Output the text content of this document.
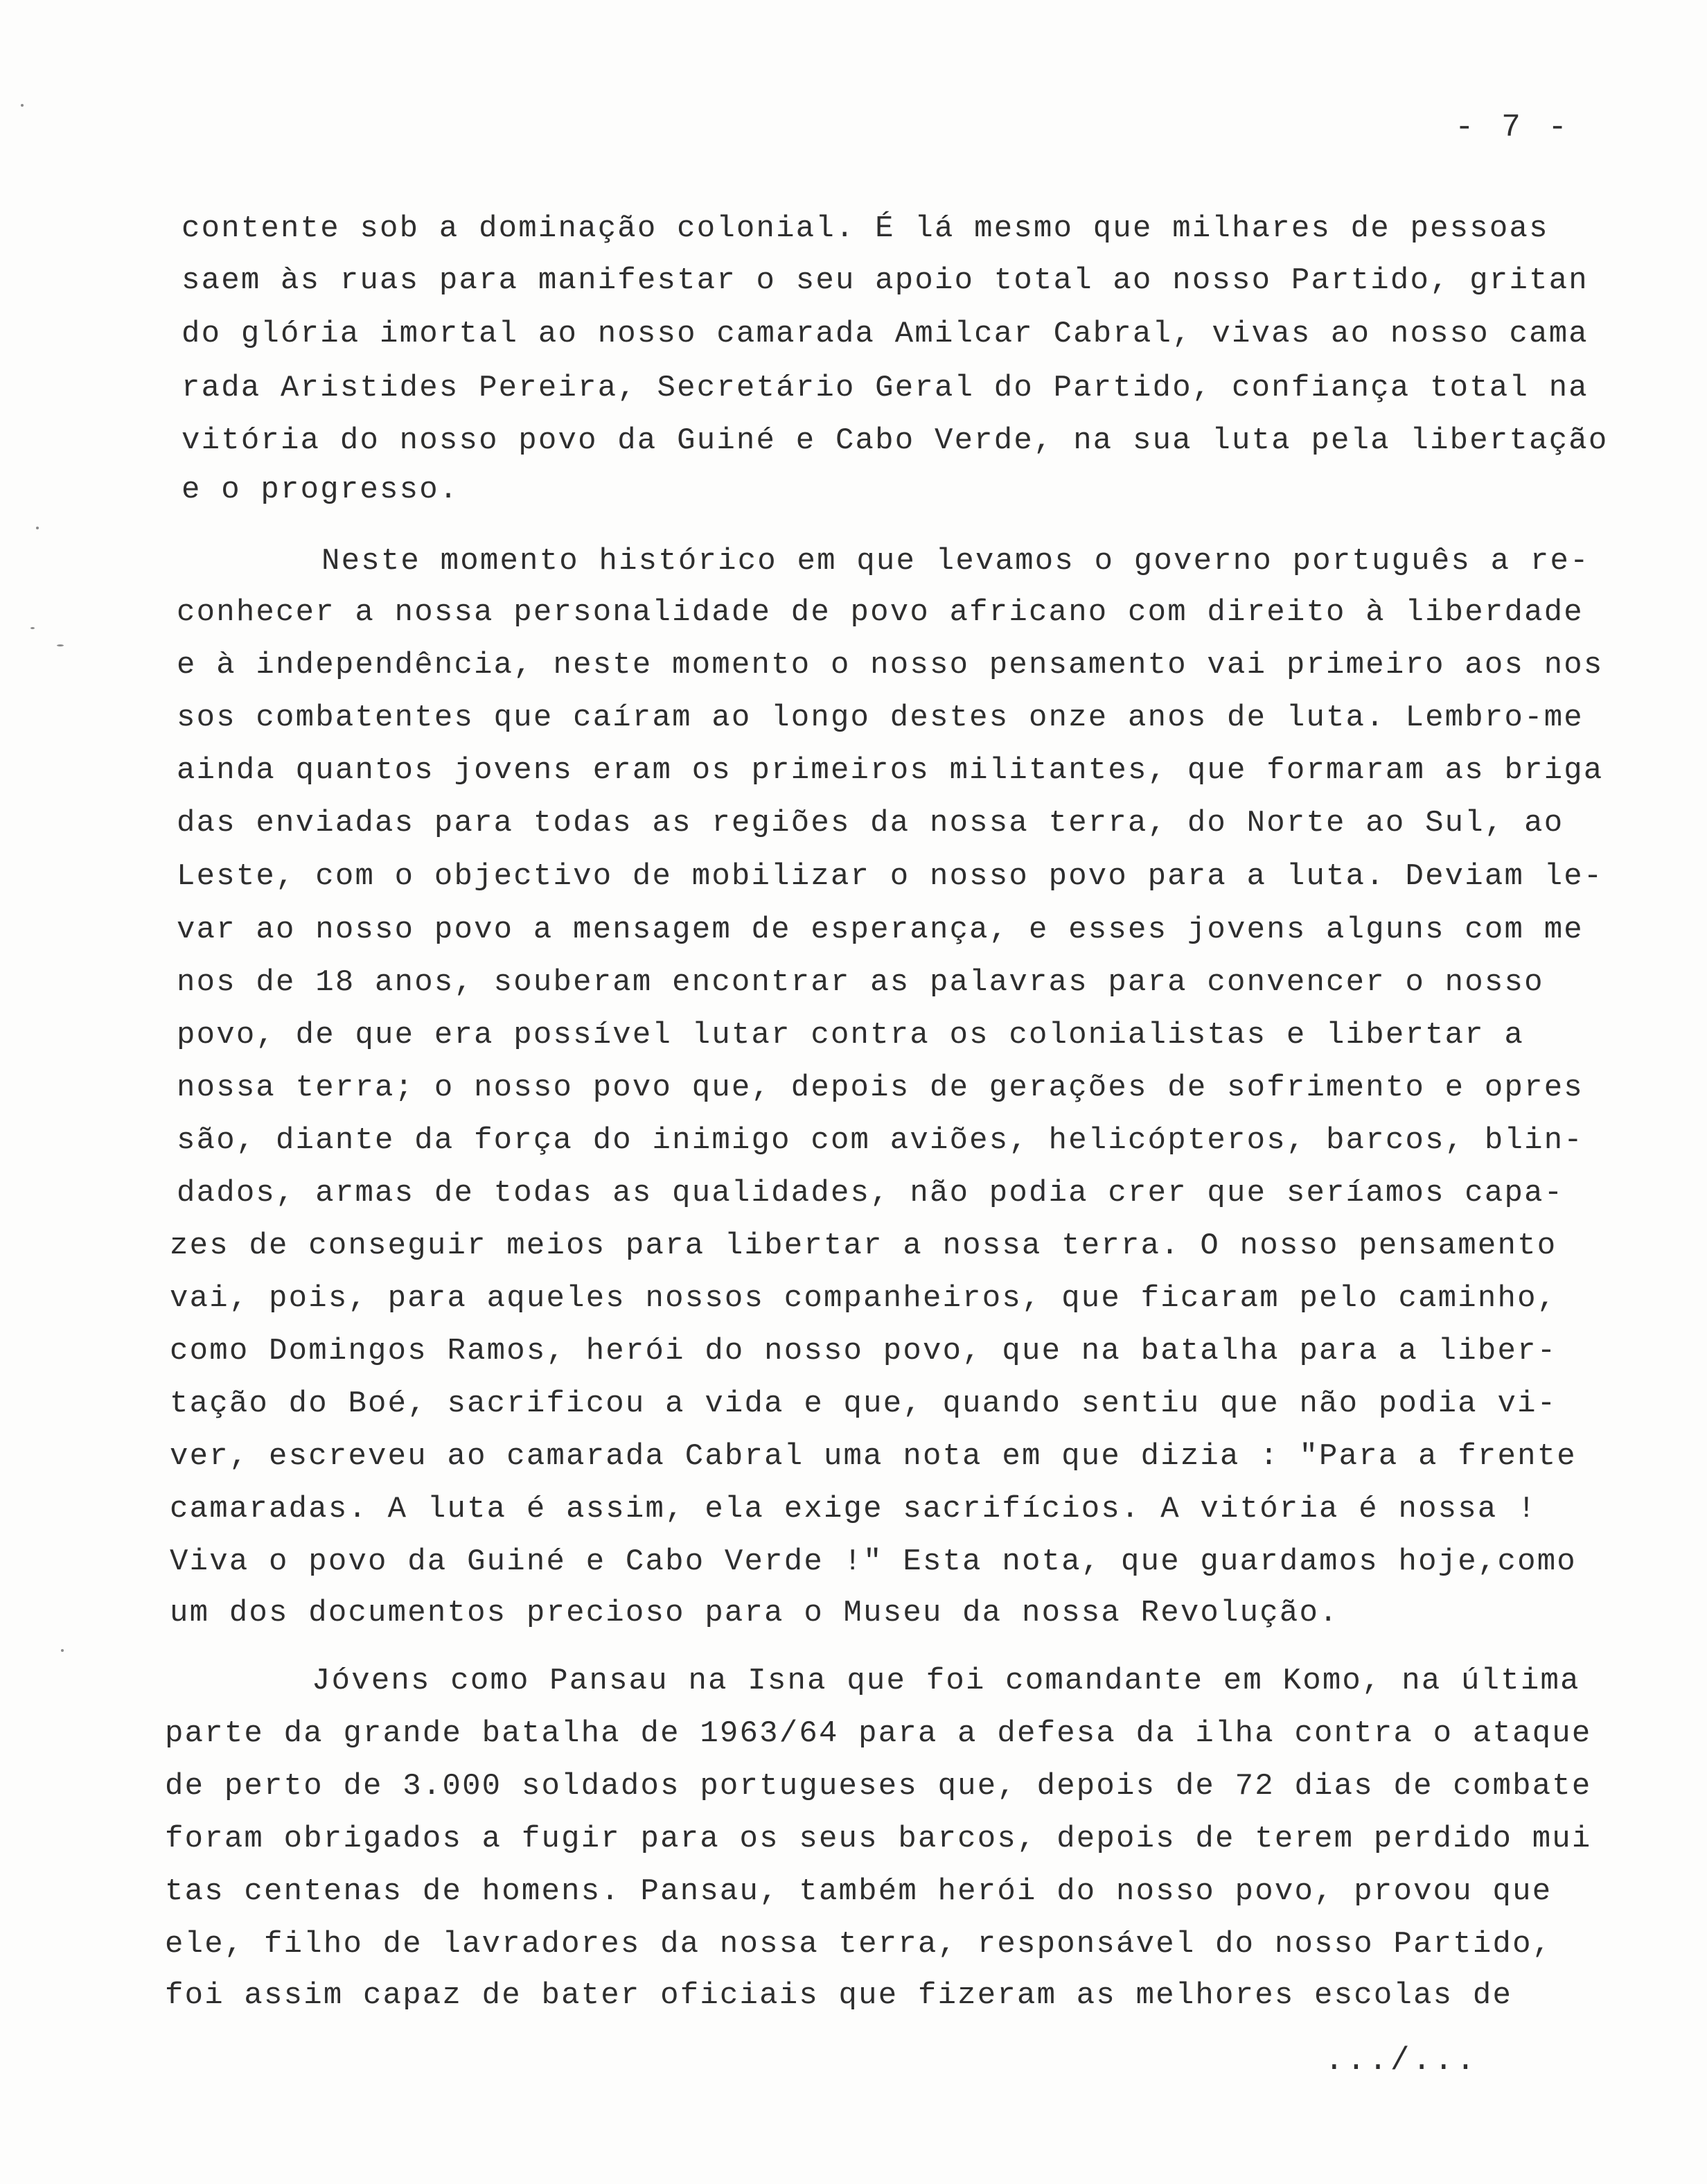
- 7 -
contente sob a dominação colonial. É lá mesmo que milhares de pessoas
saem às ruas para manifestar o seu apoio total ao nosso Partido, gritan
do glória imortal ao nosso camarada Amilcar Cabral, vivas ao nosso cama
rada Aristides Pereira, Secretário Geral do Partido, confiança total na
vitória do nosso povo da Guiné e Cabo Verde, na sua luta pela libertação
e o progresso.
Neste momento histórico em que levamos o governo português a re-
conhecer a nossa personalidade de povo africano com direito à liberdade
e à independência, neste momento o nosso pensamento vai primeiro aos nos
sos combatentes que caíram ao longo destes onze anos de luta. Lembro-me
ainda quantos jovens eram os primeiros militantes, que formaram as briga
das enviadas para todas as regiões da nossa terra, do Norte ao Sul, ao
Leste, com o objectivo de mobilizar o nosso povo para a luta. Deviam le-
var ao nosso povo a mensagem de esperança, e esses jovens alguns com me
nos de 18 anos, souberam encontrar as palavras para convencer o nosso
povo, de que era possível lutar contra os colonialistas e libertar a
nossa terra; o nosso povo que, depois de gerações de sofrimento e opres
são, diante da força do inimigo com aviões, helicópteros, barcos, blin-
dados, armas de todas as qualidades, não podia crer que seríamos capa-
zes de conseguir meios para libertar a nossa terra. O nosso pensamento
vai, pois, para aqueles nossos companheiros, que ficaram pelo caminho,
como Domingos Ramos, herói do nosso povo, que na batalha para a liber-
tação do Boé, sacrificou a vida e que, quando sentiu que não podia vi-
ver, escreveu ao camarada Cabral uma nota em que dizia : "Para a frente
camaradas. A luta é assim, ela exige sacrifícios. A vitória é nossa !
Viva o povo da Guiné e Cabo Verde !" Esta nota, que guardamos hoje,como
um dos documentos precioso para o Museu da nossa Revolução.
Jóvens como Pansau na Isna que foi comandante em Komo, na última
parte da grande batalha de 1963/64 para a defesa da ilha contra o ataque
de perto de 3.000 soldados portugueses que, depois de 72 dias de combate
foram obrigados a fugir para os seus barcos, depois de terem perdido mui
tas centenas de homens. Pansau, também herói do nosso povo, provou que
ele, filho de lavradores da nossa terra, responsável do nosso Partido,
foi assim capaz de bater oficiais que fizeram as melhores escolas de
.../...
